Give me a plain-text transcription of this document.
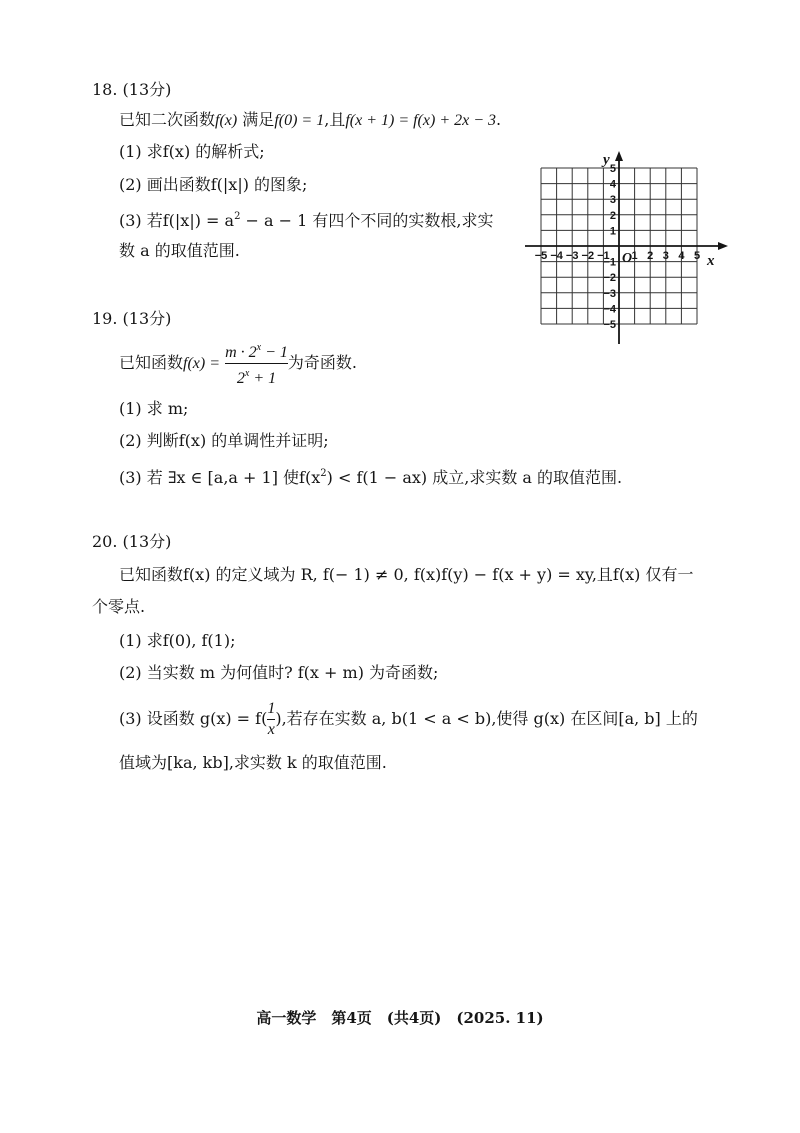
18. (13分)
已知二次函数f(x) 满足f(0) = 1,且f(x + 1) = f(x) + 2x − 3.
(1) 求f(x) 的解析式;
(2) 画出函数f(|x|) 的图象;
(3) 若$f(|x|) = a^2 - a - 1$ 有四个不同的实数根,求实
数 a 的取值范围.
y
x
O
−5 −4 −3 −2 −1 1 2 3 4 5
5
4
3
2
1
−1
−2
−3
−4
−5
19. (13分)
已知函数$f(x) = \frac{m \cdot 2^x - 1}{2^x + 1}$ 为奇函数.
(1) 求 m;
(2) 判断f(x) 的单调性并证明;
(3) 若 ∃x ∈ [a,a + 1] 使$f(x^2) < f(1 - ax)$ 成立,求实数 a 的取值范围.
20. (13分)
已知函数f(x) 的定义域为 R, f(− 1) ≠ 0, f(x)f(y) − f(x + y) = xy,且f(x) 仅有一
个零点.
(1) 求f(0), f(1);
(2) 当实数 m 为何值时? f(x + m) 为奇函数;
(3) 设函数 $g(x) = f( \frac{1}{x}$ ),若存在实数 a, b(1 < a < b),使得 g(x) 在区间[a, b] 上的
值域为[ka, kb],求实数 k 的取值范围.
高一数学　第4页　(共4页)　(2025. 11)
